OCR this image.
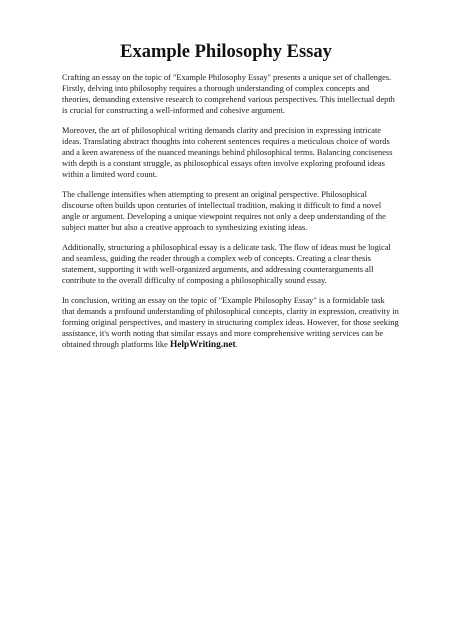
Example Philosophy Essay

Crafting an essay on the topic of "Example Philosophy Essay" presents a unique set of challenges. Firstly, delving into philosophy requires a thorough understanding of complex concepts and theories, demanding extensive research to comprehend various perspectives. This intellectual depth is crucial for constructing a well-informed and cohesive argument.

Moreover, the art of philosophical writing demands clarity and precision in expressing intricate ideas. Translating abstract thoughts into coherent sentences requires a meticulous choice of words and a keen awareness of the nuanced meanings behind philosophical terms. Balancing conciseness with depth is a constant struggle, as philosophical essays often involve exploring profound ideas within a limited word count.

The challenge intensifies when attempting to present an original perspective. Philosophical discourse often builds upon centuries of intellectual tradition, making it difficult to find a novel angle or argument. Developing a unique viewpoint requires not only a deep understanding of the subject matter but also a creative approach to synthesizing existing ideas.

Additionally, structuring a philosophical essay is a delicate task. The flow of ideas must be logical and seamless, guiding the reader through a complex web of concepts. Creating a clear thesis statement, supporting it with well-organized arguments, and addressing counterarguments all contribute to the overall difficulty of composing a philosophically sound essay.

In conclusion, writing an essay on the topic of "Example Philosophy Essay" is a formidable task that demands a profound understanding of philosophical concepts, clarity in expression, creativity in forming original perspectives, and mastery in structuring complex ideas. However, for those seeking assistance, it's worth noting that similar essays and more comprehensive writing services can be obtained through platforms like HelpWriting.net.
